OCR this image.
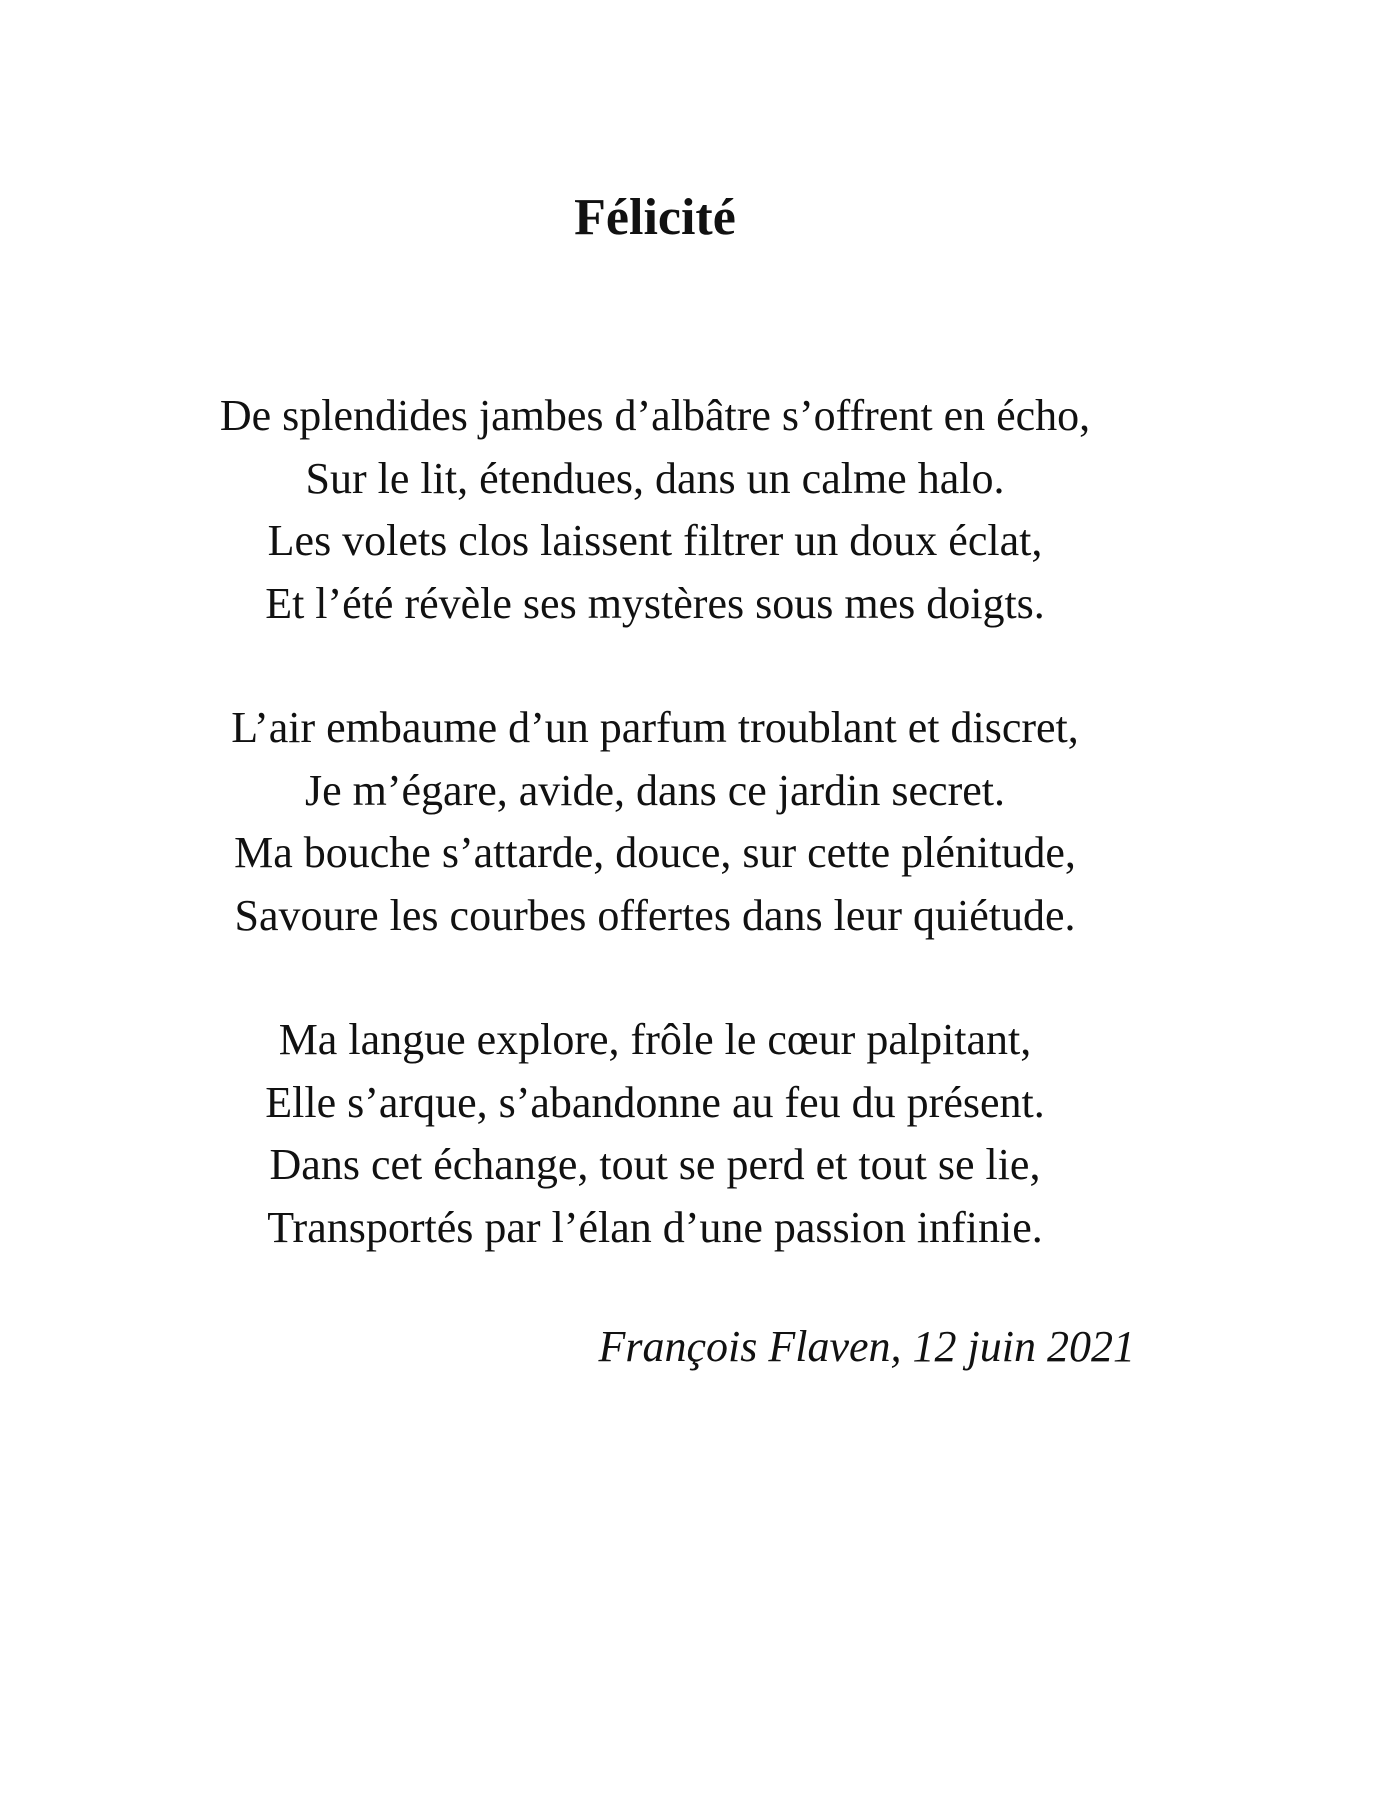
Félicité
De splendides jambes d’albâtre s’offrent en écho,
Sur le lit, étendues, dans un calme halo.
Les volets clos laissent filtrer un doux éclat,
Et l’été révèle ses mystères sous mes doigts.
L’air embaume d’un parfum troublant et discret,
Je m’égare, avide, dans ce jardin secret.
Ma bouche s’attarde, douce, sur cette plénitude,
Savoure les courbes offertes dans leur quiétude.
Ma langue explore, frôle le cœur palpitant,
Elle s’arque, s’abandonne au feu du présent.
Dans cet échange, tout se perd et tout se lie,
Transportés par l’élan d’une passion infinie.
François Flaven, 12 juin 2021
